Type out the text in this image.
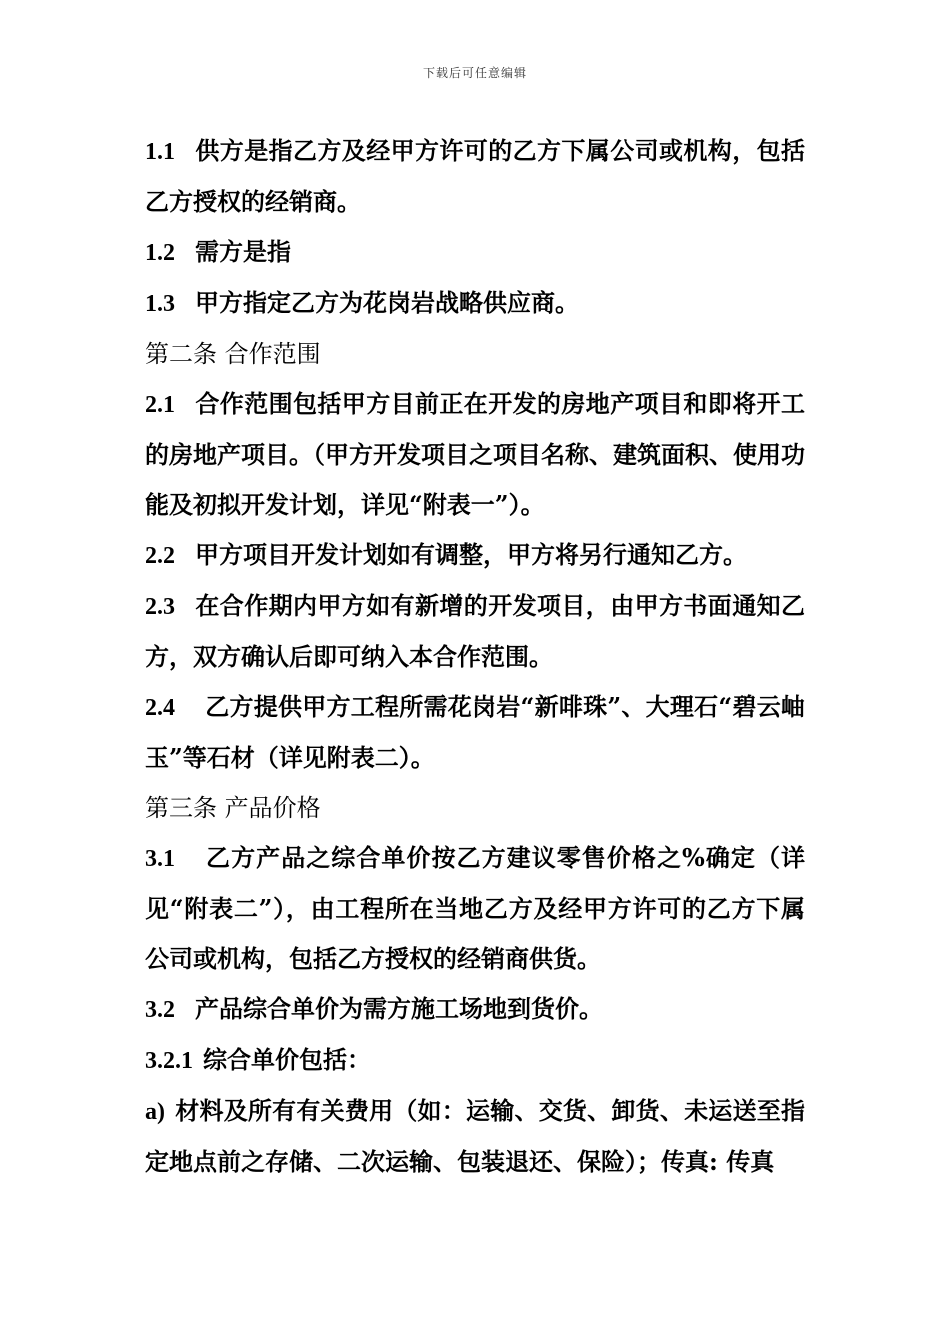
下载后可任意编辑

1.1 供方是指乙方及经甲方许可的乙方下属公司或机构，包括乙方授权的经销商。

1.2 需方是指

1.3 甲方指定乙方为花岗岩战略供应商。

第二条 合作范围

2.1 合作范围包括甲方目前正在开发的房地产项目和即将开工的房地产项目。（甲方开发项目之项目名称、建筑面积、使用功能及初拟开发计划，详见“附表一”）。

2.2 甲方项目开发计划如有调整，甲方将另行通知乙方。

2.3 在合作期内甲方如有新增的开发项目，由甲方书面通知乙方，双方确认后即可纳入本合作范围。

2.4 乙方提供甲方工程所需花岗岩“新啡珠”、大理石“碧云岫玉”等石材（详见附表二）。

第三条 产品价格

3.1 乙方产品之综合单价按乙方建议零售价格之%确定（详见“附表二”），由工程所在当地乙方及经甲方许可的乙方下属公司或机构，包括乙方授权的经销商供货。

3.2 产品综合单价为需方施工场地到货价。

3.2.1 综合单价包括：

a) 材料及所有有关费用（如：运输、交货、卸货、未运送至指定地点前之存储、二次运输、包装退还、保险）；传真: 传真
